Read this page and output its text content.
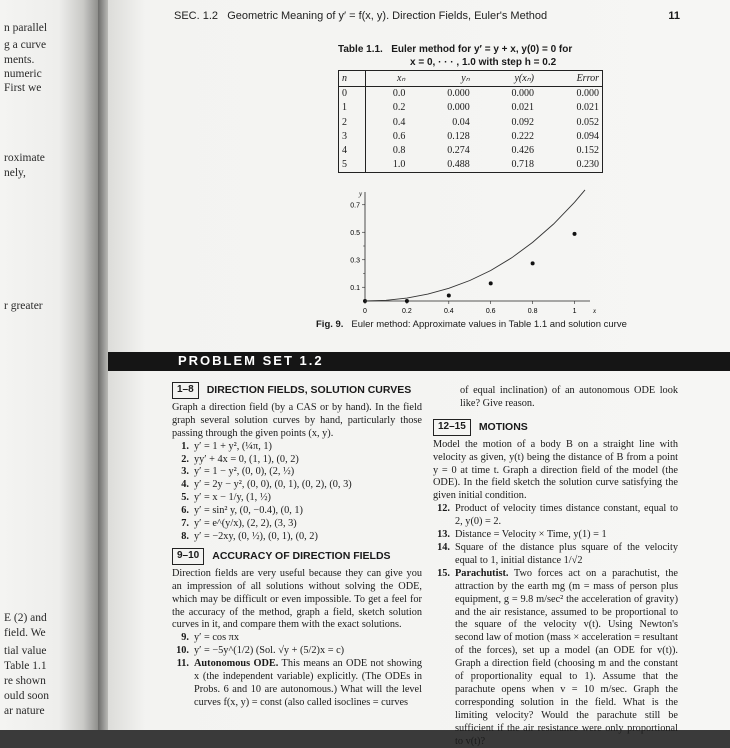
n parallel
g a curve
ments.
numeric
First we
roximate
nely,
r greater
E (2) and
field. We
tial value
Table 1.1
re shown
ould soon
ar nature
SEC. 1.2 Geometric Meaning of y′ = f(x, y). Direction Fields, Euler's Method	11
Table 1.1. Euler method for y′ = y + x, y(0) = 0 for
x = 0, · · · , 1.0 with step h = 0.2
n	xₙ	yₙ	y(xₙ)	Error
0	0.0	0.000	0.000	0.000
1	0.2	0.000	0.021	0.021
2	0.4	0.04	0.092	0.052
3	0.6	0.128	0.222	0.094
4	0.8	0.274	0.426	0.152
5	1.0	0.488	0.718	0.230
x
y
0	0.2	0.4	0.6	0.8	1
0.1
0.3
0.5
0.7
Fig. 9. Euler method: Approximate values in Table 1.1 and solution curve
PROBLEM SET 1.2
1–8	DIRECTION FIELDS, SOLUTION CURVES
Graph a direction field (by a CAS or by hand). In the field graph several solution curves by hand, particularly those passing through the given points (x, y).
1. y′ = 1 + y², (¼π, 1)
2. yy′ + 4x = 0, (1, 1), (0, 2)
3. y′ = 1 − y², (0, 0), (2, ½)
4. y′ = 2y − y², (0, 0), (0, 1), (0, 2), (0, 3)
5. y′ = x − 1/y, (1, ½)
6. y′ = sin² y, (0, −0.4), (0, 1)
7. y′ = e^(y/x), (2, 2), (3, 3)
8. y′ = −2xy, (0, ½), (0, 1), (0, 2)
9–10	ACCURACY OF DIRECTION FIELDS
Direction fields are very useful because they can give you an impression of all solutions without solving the ODE, which may be difficult or even impossible. To get a feel for the accuracy of the method, graph a field, sketch solution curves in it, and compare them with the exact solutions.
9. y′ = cos πx
10. y′ = −5y^(1/2) (Sol. √y + (5/2)x = c)
11. Autonomous ODE. This means an ODE not showing x (the independent variable) explicitly. (The ODEs in Probs. 6 and 10 are autonomous.) What will the level curves f(x, y) = const (also called isoclines = curves
of equal inclination) of an autonomous ODE look like? Give reason.
12–15	MOTIONS
Model the motion of a body B on a straight line with velocity as given, y(t) being the distance of B from a point y = 0 at time t. Graph a direction field of the model (the ODE). In the field sketch the solution curve satisfying the given initial condition.
12. Product of velocity times distance constant, equal to 2, y(0) = 2.
13. Distance = Velocity × Time, y(1) = 1
14. Square of the distance plus square of the velocity equal to 1, initial distance 1/√2
15. Parachutist. Two forces act on a parachutist, the attraction by the earth mg (m = mass of person plus equipment, g = 9.8 m/sec² the acceleration of gravity) and the air resistance, assumed to be proportional to the square of the velocity v(t). Using Newton's second law of motion (mass × acceleration = resultant of the forces), set up a model (an ODE for v(t)). Graph a direction field (choosing m and the constant of proportionality equal to 1). Assume that the parachute opens when v = 10 m/sec. Graph the corresponding solution in the field. What is the limiting velocity? Would the parachute still be sufficient if the air resistance were only proportional to v(t)?
